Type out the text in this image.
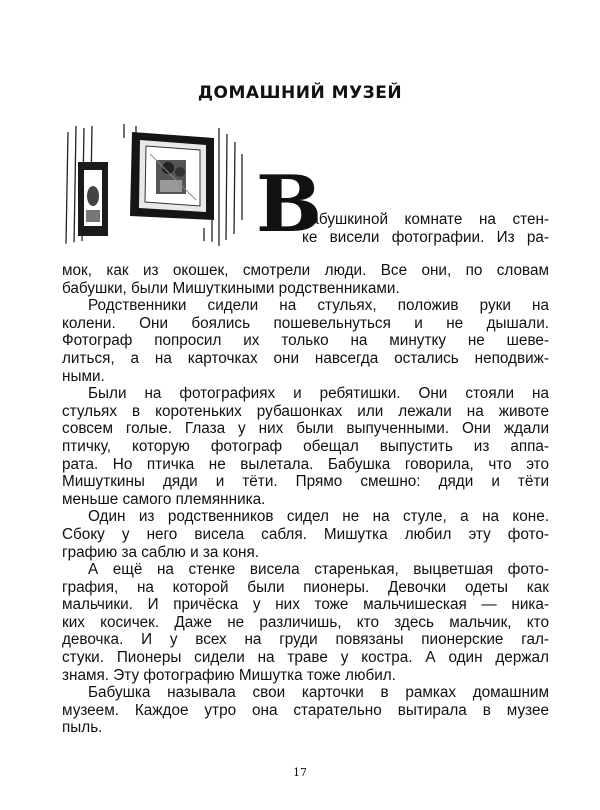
ДОМАШНИЙ МУЗЕЙ
В

бабушкиной комнате на стен-

ке висели фотографии. Из ра-

мок, как из окошек, смотрели люди. Все они, по словам

бабушки, были Мишуткиными родственниками.

Родственники сидели на стульях, положив руки на

колени. Они боялись пошевельнуться и не дышали.

Фотограф попросил их только на минутку не шеве-

литься, а на карточках они навсегда остались неподвиж-

ными.

Были на фотографиях и ребятишки. Они стояли на

стульях в коротеньких рубашонках или лежали на животе

совсем голые. Глаза у них были выпученными. Они ждали

птичку, которую фотограф обещал выпустить из аппа-

рата. Но птичка не вылетала. Бабушка говорила, что это

Мишуткины дяди и тёти. Прямо смешно: дяди и тёти

меньше самого племянника.

Один из родственников сидел не на стуле, а на коне.

Сбоку у него висела сабля. Мишутка любил эту фото-

графию за саблю и за коня.

А ещё на стенке висела старенькая, выцветшая фото-

графия, на которой были пионеры. Девочки одеты как

мальчики. И причёска у них тоже мальчишеская — ника-

ких косичек. Даже не различишь, кто здесь мальчик, кто

девочка. И у всех на груди повязаны пионерские гал-

стуки. Пионеры сидели на траве у костра. А один держал

знамя. Эту фотографию Мишутка тоже любил.

Бабушка называла свои карточки в рамках домашним

музеем. Каждое утро она старательно вытирала в музее

пыль.

17
